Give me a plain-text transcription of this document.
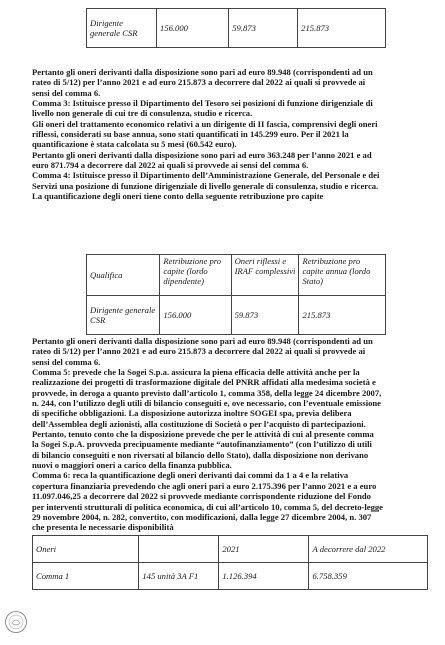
Dirigente generale CSR	156.000	59.873	215.873
Pertanto gli oneri derivanti dalla disposizione sono pari ad euro 89.948 (corrispondenti ad un
rateo di 5/12) per l’anno 2021 e ad euro 215.873 a decorrere dal 2022 ai quali si provvede ai
sensi del comma 6.
Comma 3: Istituisce presso il Dipartimento del Tesoro sei posizioni di funzione dirigenziale di
livello non generale di cui tre di consulenza, studio e ricerca.
Gli oneri del trattamento economico relativi a un dirigente di II fascia, comprensivi degli oneri
riflessi, considerati su base annua, sono stati quantificati in 145.299 euro. Per il 2021 la
quantificazione è stata calcolata su 5 mesi (60.542 euro).
Pertanto gli oneri derivanti dalla disposizione sono pari ad euro 363.248 per l’anno 2021 e ad
euro 871.794 a decorrere dal 2022 ai quali si provvede ai sensi del comma 6.
Comma 4: Istituisce presso il Dipartimento dell’Amministrazione Generale, del Personale e dei
Servizi una posizione di funzione dirigenziale di livello generale di consulenza, studio e ricerca.
La quantificazione degli oneri tiene conto della seguente retribuzione pro capite
Qualifica	Retribuzione pro capite (lordo dipendente)	Oneri riflessi e IRAF complessivi	Retribuzione pro capite annua (lordo Stato)
Dirigente generale CSR	156.000	59.873	215.873
Pertanto gli oneri derivanti dalla disposizione sono pari ad euro 89.948 (corrispondenti ad un
rateo di 5/12) per l’anno 2021 e ad euro 215.873 a decorrere dal 2022 ai quali si provvede ai
sensi del comma 6.
Comma 5: prevede che la Sogei S.p.a. assicura la piena efficacia delle attività anche per la
realizzazione dei progetti di trasformazione digitale del PNRR affidati alla medesima società e
provvede, in deroga a quanto previsto dall’articolo 1, comma 358, della legge 24 dicembre 2007,
n. 244, con l’utilizzo degli utili di bilancio conseguiti e, ove necessario, con l’eventuale emissione
di specifiche obbligazioni. La disposizione autorizza inoltre SOGEI spa, previa delibera
dell’Assemblea degli azionisti, alla costituzione di Società o per l’acquisto di partecipazioni.
Pertanto, tenuto conto che la disposizione prevede che per le attività di cui al presente comma
la Sogei S.p.A. provveda precipuamente mediante “autofinanziamento” (con l’utilizzo di utili
di bilancio conseguiti e non riversati al bilancio dello Stato), dalla disposizione non derivano
nuovi o maggiori oneri a carico della finanza pubblica.
Comma 6: reca la quantificazione degli oneri derivanti dai commi da 1 a 4 e la relativa
copertura finanziaria prevedendo che agli oneri pari a euro 2.175.396 per l’anno 2021 e a euro
11.097.046,25 a decorrere dal 2022 si provvede mediante corrispondente riduzione del Fondo
per interventi strutturali di politica economica, di cui all’articolo 10, comma 5, del decreto-legge
29 novembre 2004, n. 282, convertito, con modificazioni, dalla legge 27 dicembre 2004, n. 307
che presenta le necessarie disponibilità
Oneri		2021	A decorrere dal 2022
Comma 1	145 unità 3A F1	1.126.394	6.758.359
